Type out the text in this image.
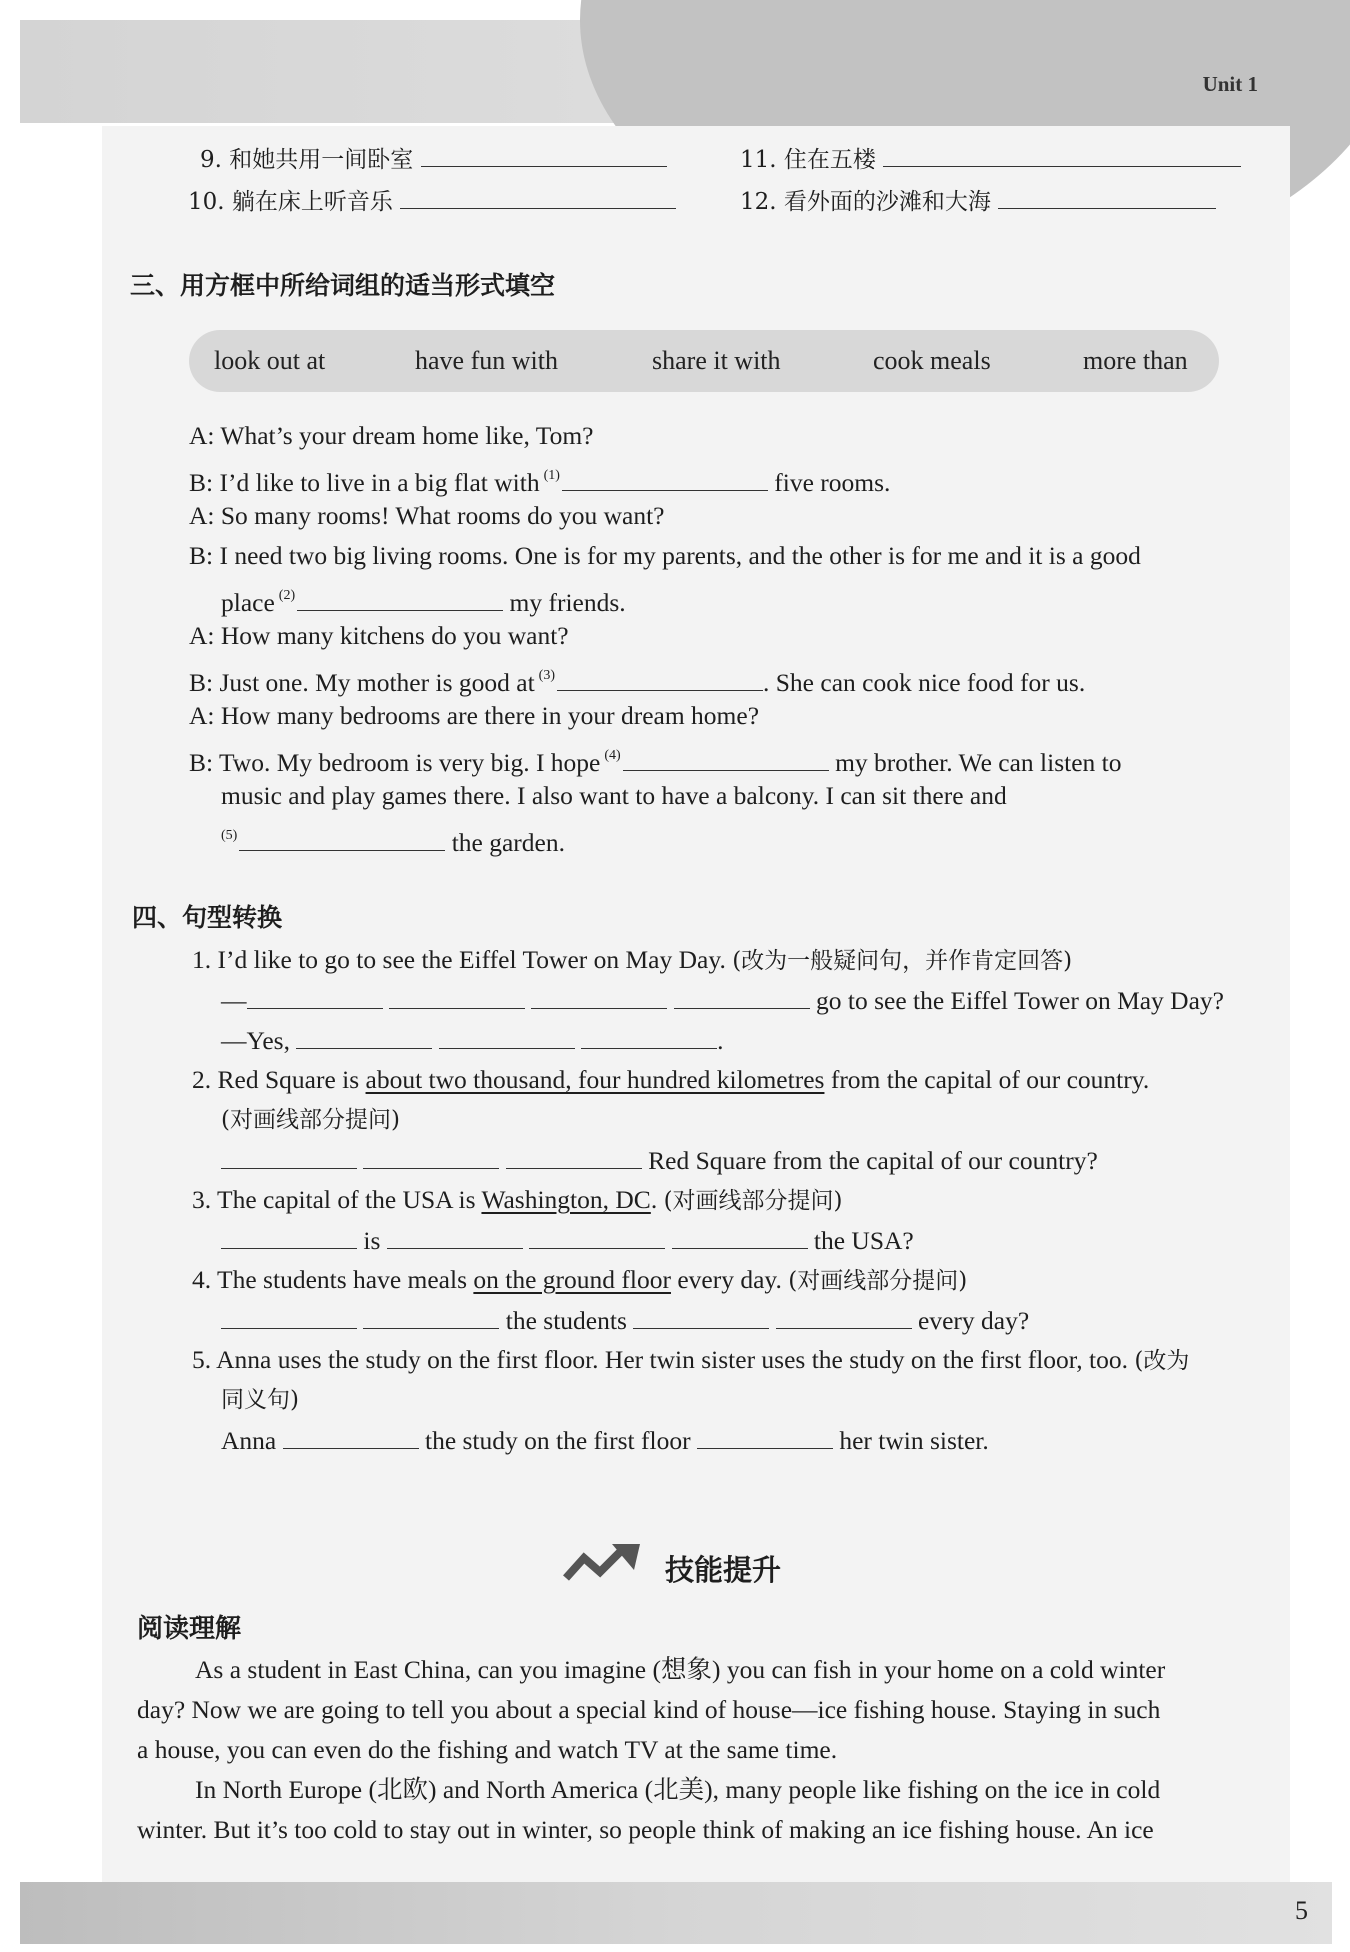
Unit 1
9. 和她共用一间卧室	11. 住在五楼
10. 躺在床上听音乐	12. 看外面的沙滩和大海
三、用方框中所给词组的适当形式填空
look out at	have fun with	share it with	cook meals	more than
A: What’s your dream home like, Tom?
B: I’d like to live in a big flat with $^{(1)}$	five rooms.
A: So many rooms! What rooms do you want?
B: I need two big living rooms. One is for my parents, and the other is for me and it is a good
place $^{(2)}$	my friends.
A: How many kitchens do you want?
B: Just one. My mother is good at $^{(3)}$	. She can cook nice food for us.
A: How many bedrooms are there in your dream home?
B: Two. My bedroom is very big. I hope $^{(4)}$	my brother. We can listen to
music and play games there. I also want to have a balcony. I can sit there and
$^{(5)}$	the garden.
四、句型转换
1. I’d like to go to see the Eiffel Tower on May Day. (改为一般疑问句，并作肯定回答)
—	go to see the Eiffel Tower on May Day?
—Yes,	.
2. Red Square is about two thousand, four hundred kilometres from the capital of our country.
(对画线部分提问)
Red Square from the capital of our country?
3. The capital of the USA is Washington, DC. (对画线部分提问)
is	the USA?
4. The students have meals on the ground floor every day. (对画线部分提问)
the students	every day?
5. Anna uses the study on the first floor. Her twin sister uses the study on the first floor, too. (改为
同义句)
Anna	the study on the first floor	her twin sister.
技能提升
阅读理解
As a student in East China, can you imagine (想象) you can fish in your home on a cold winter
day? Now we are going to tell you about a special kind of house—ice fishing house. Staying in such
a house, you can even do the fishing and watch TV at the same time.
In North Europe (北欧) and North America (北美), many people like fishing on the ice in cold
winter. But it’s too cold to stay out in winter, so people think of making an ice fishing house. An ice
5
